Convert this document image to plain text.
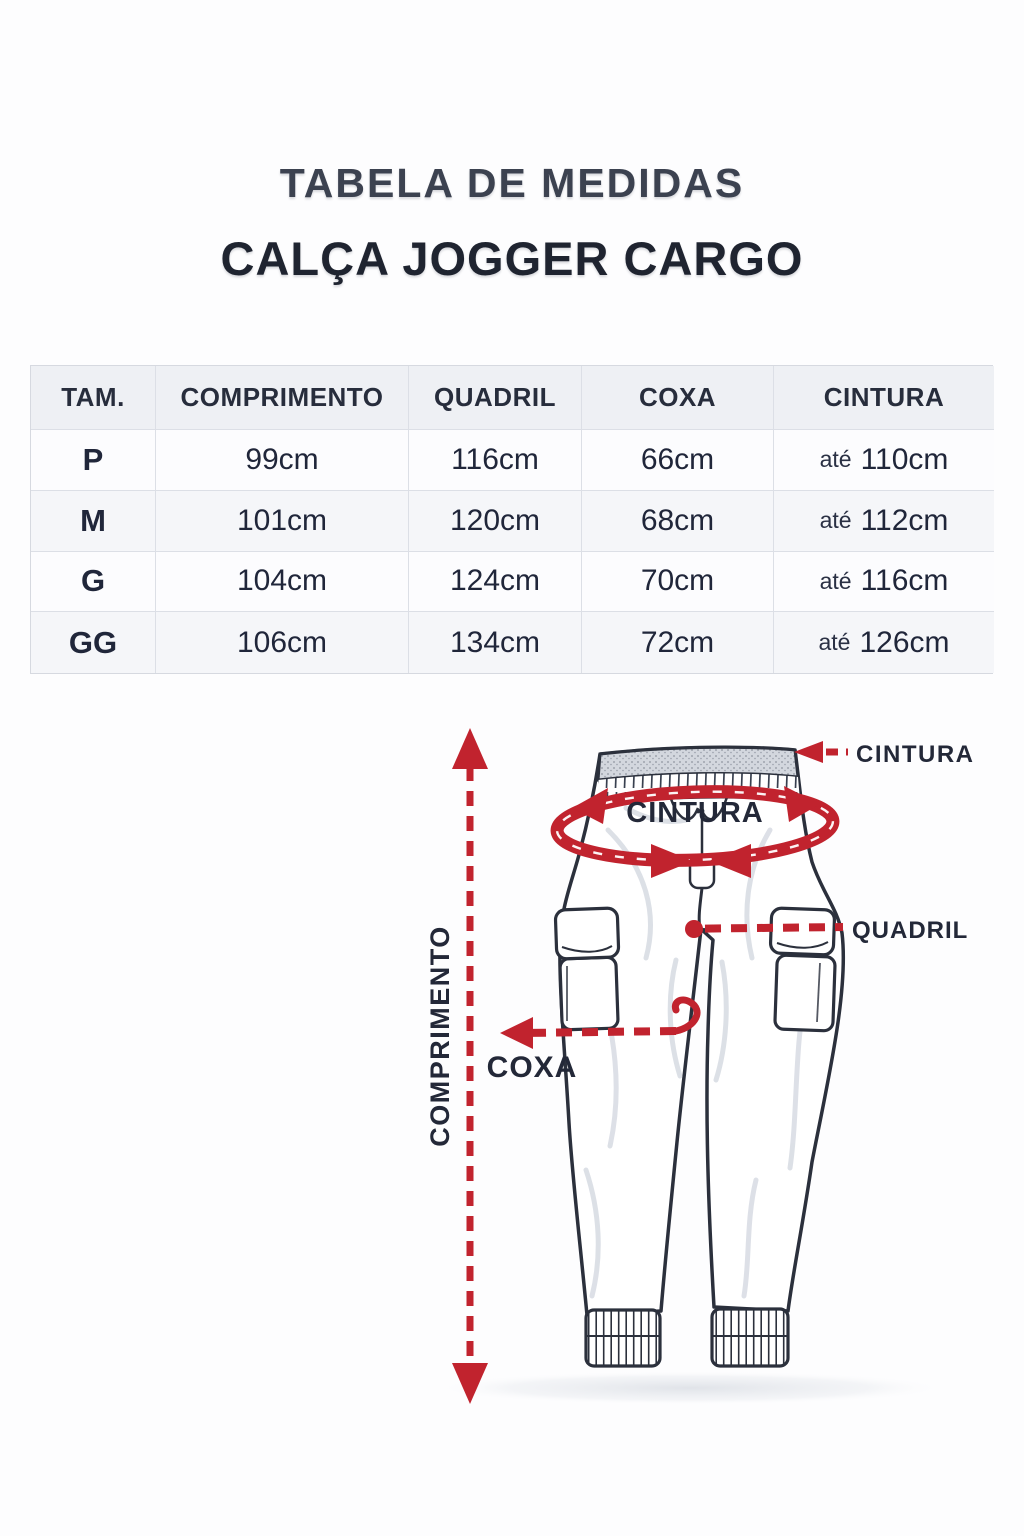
TABELA DE MEDIDAS
CALÇA JOGGER CARGO
TAM.	COMPRIMENTO	QUADRIL	COXA	CINTURA
P	99cm	116cm	66cm	até 110cm
M	101cm	120cm	68cm	até 112cm
G	104cm	124cm	70cm	até 116cm
GG	106cm	134cm	72cm	até 126cm
COMPRIMENTO
CINTURA
CINTURA
QUADRIL
COXA
